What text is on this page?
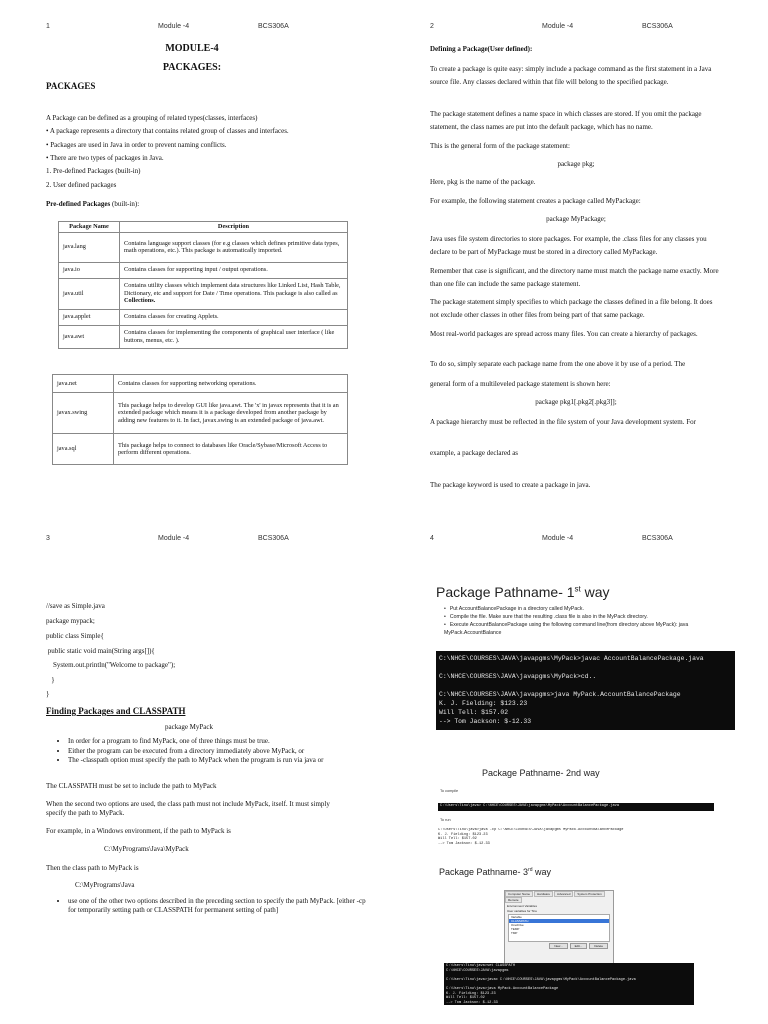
1	Module -4	BCS306A
MODULE-4
PACKAGES:
PACKAGES

A Package can be defined as a grouping of related types(classes, interfaces)

• A package represents a directory that contains related group of classes and interfaces.

• Packages are used in Java in order to prevent naming conflicts.

• There are two types of packages in Java.

1. Pre-defined Packages (built-in)

2. User defined packages

Pre-defined Packages (built-in):

Package Name	Description
java.lang	Contains language support classes (for e.g classes which defines primitive data types, math operations, etc.). This package is automatically imported.
java.io	Contains classes for supporting input / output operations.
java.util	Contains utility classes which implement data structures like Linked List, Hash Table, Dictionary, etc and support for Date / Time operations. This package is also called as Collections.
java.applet	Contains classes for creating Applets.
java.awt	Contains classes for implementing the components of graphical user interface ( like buttons, menus, etc. ).
java.net	Contains classes for supporting networking operations.
javax.swing	This package helps to develop GUI like java.awt. The 'x' in javax represents that it is an extended package which means it is a package developed from another package by adding new features to it. In fact, javax.swing is an extended package of java.awt.
java.sql	This package helps to connect to databases like Oracle/Sybase/Microsoft Access to perform different operations.
2	Module -4	BCS306A

Defining a Package(User defined):

To create a package is quite easy: simply include a package command as the first statement in a Java source file. Any classes declared within that file will belong to the specified package.

The package statement defines a name space in which classes are stored. If you omit the package statement, the class names are put into the default package, which has no name.

This is the general form of the package statement:

package pkg;

Here, pkg is the name of the package.

For example, the following statement creates a package called MyPackage:

package MyPackage;

Java uses file system directories to store packages. For example, the .class files for any classes you declare to be part of MyPackage must be stored in a directory called MyPackage.

Remember that case is significant, and the directory name must match the package name exactly. More than one file can include the same package statement.

The package statement simply specifies to which package the classes defined in a file belong. It does not exclude other classes in other files from being part of that same package.

Most real-world packages are spread across many files. You can create a hierarchy of packages.

To do so, simply separate each package name from the one above it by use of a period. The

general form of a multileveled package statement is shown here:

package pkg1[.pkg2[.pkg3]];

A package hierarchy must be reflected in the file system of your Java development system. For

example, a package declared as

The package keyword is used to create a package in java.

3	Module -4	BCS306A

//save as Simple.java

package mypack;

public class Simple{

public static void main(String args[]){

System.out.println("Welcome to package");

}

}

Finding Packages and CLASSPATH

package MyPack

• In order for a program to find MyPack, one of three things must be true.
• Either the program can be executed from a directory immediately above MyPack, or
• The -classpath option must specify the path to MyPack when the program is run via java or

The CLASSPATH must be set to include the path to MyPack

When the second two options are used, the class path must not include MyPack, itself. It must simply specify the path to MyPack.

For example, in a Windows environment, if the path to MyPack is

C:\MyPrograms\Java\MyPack

Then the class path to MyPack is

C:\MyPrograms\Java

• use one of the other two options described in the preceding section to specify the path MyPack. [either -cp for temporarily setting path or CLASSPATH for permanent setting of path]
4	Module -4	BCS306A
Package Pathname- 1st way
• Put AccountBalancePackage in a directory called MyPack.
• Compile the file. Make sure that the resulting .class file is also in the MyPack directory.
• Execute AccountBalancePackage using the following command line(from directory above MyPack): java MyPack.AccountBalance
C:\NHCE\COURSES\JAVA\javapgms\MyPack>javac AccountBalancePackage.java

C:\NHCE\COURSES\JAVA\javapgms\MyPack>cd..

C:\NHCE\COURSES\JAVA\javapgms>java MyPack.AccountBalancePackage
K. J. Fielding: $123.23
Will Tell: $157.02
--> Tom Jackson: $-12.33
Package Pathname- 2nd way
To compile
C:\Users\Tinu\java> C:\NHCE\COURSES\JAVA\javapgms\MyPack\AccountBalancePackage.java
To run
C:\Users\Tinu\java>java -cp C:\NHCE\COURSES\JAVA\javapgms MyPack.AccountBalancePackage
K. J. Fielding: $123.23
Will Tell: $157.02
--> Tom Jackson: $-12.33
Package Pathname- 3rd way
Computer Name Hardware Advanced System ProtectionRemote
Environment Variables
User variables for Tinu
Variable
CLASSPATH
OneDrive
TEMP
TMP
New...	Edit...	Delete
C:\Users\Tinu\java>set CLASSPATH
C:\NHCE\COURSES\JAVA\javapgms

C:\Users\Tinu\java>javac C:\NHCE\COURSES\JAVA\javapgms\MyPack\AccountBalancePackage.java

C:\Users\Tinu\java>java MyPack.AccountBalancePackage
K. J. Fielding: $123.23
Will Tell: $157.02
--> Tom Jackson: $-12.33
